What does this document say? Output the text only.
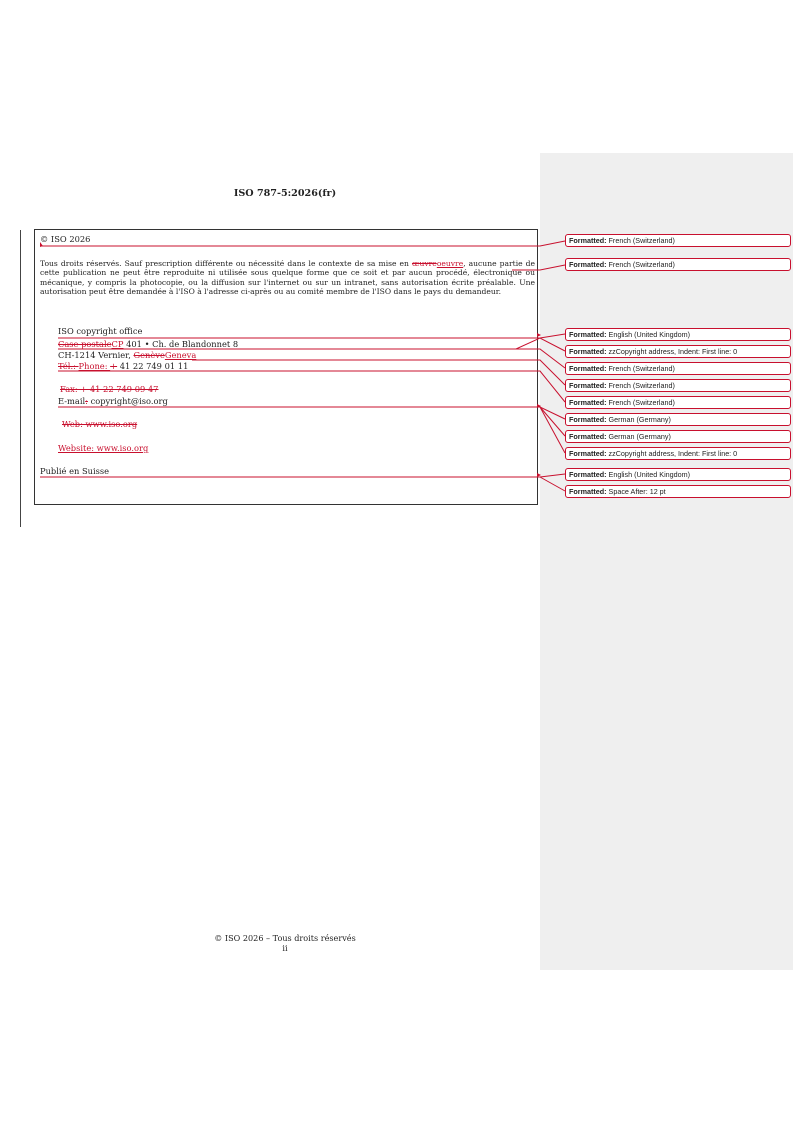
ISO 787-5:2026(fr)
© ISO 2026
Tous droits réservés. Sauf prescription différente ou nécessité dans le contexte de sa mise en œuvreoeuvre, aucune partie de cette publication ne peut être reproduite ni utilisée sous quelque forme que ce soit et par aucun procédé, électronique ou mécanique, y compris la photocopie, ou la diffusion sur l'internet ou sur un intranet, sans autorisation écrite préalable. Une autorisation peut être demandée à l'ISO à l'adresse ci-après ou au comité membre de l'ISO dans le pays du demandeur.
ISO copyright office
Case postaleCP 401 • Ch. de Blandonnet 8
CH-1214 Vernier, GenèveGeneva
Tél.: Phone: + 41 22 749 01 11
Fax: + 41 22 749 09 47
E-mail: copyright@iso.org
Web: www.iso.org
Website: www.iso.org
Publié en Suisse
© ISO 2026 – Tous droits réservés
ii
Formatted: French (Switzerland)
Formatted: French (Switzerland)
Formatted: English (United Kingdom)
Formatted: zzCopyright address, Indent: First line: 0
Formatted: French (Switzerland)
Formatted: French (Switzerland)
Formatted: French (Switzerland)
Formatted: German (Germany)
Formatted: German (Germany)
Formatted: zzCopyright address, Indent: First line: 0
Formatted: English (United Kingdom)
Formatted: Space After: 12 pt
